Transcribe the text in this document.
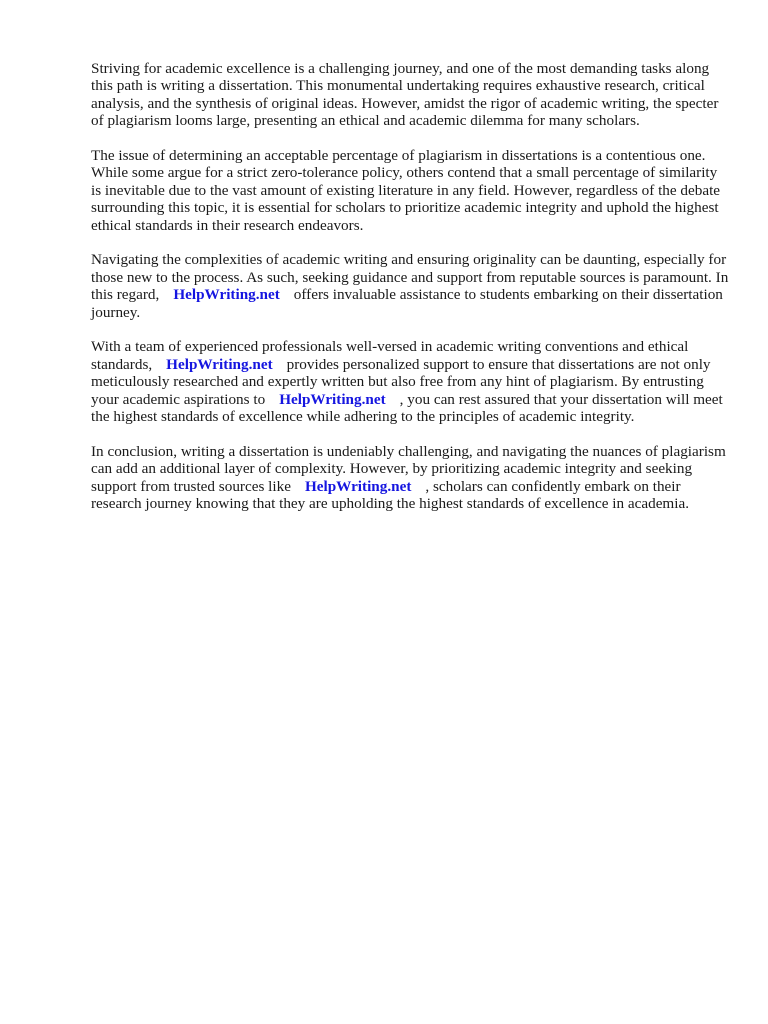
Striving for academic excellence is a challenging journey, and one of the most demanding tasks along this path is writing a dissertation. This monumental undertaking requires exhaustive research, critical analysis, and the synthesis of original ideas. However, amidst the rigor of academic writing, the specter of plagiarism looms large, presenting an ethical and academic dilemma for many scholars.

The issue of determining an acceptable percentage of plagiarism in dissertations is a contentious one. While some argue for a strict zero-tolerance policy, others contend that a small percentage of similarity is inevitable due to the vast amount of existing literature in any field. However, regardless of the debate surrounding this topic, it is essential for scholars to prioritize academic integrity and uphold the highest ethical standards in their research endeavors.

Navigating the complexities of academic writing and ensuring originality can be daunting, especially for those new to the process. As such, seeking guidance and support from reputable sources is paramount. In this regard, HelpWriting.net offers invaluable assistance to students embarking on their dissertation journey.

With a team of experienced professionals well-versed in academic writing conventions and ethical standards, HelpWriting.net provides personalized support to ensure that dissertations are not only meticulously researched and expertly written but also free from any hint of plagiarism. By entrusting your academic aspirations to HelpWriting.net , you can rest assured that your dissertation will meet the highest standards of excellence while adhering to the principles of academic integrity.

In conclusion, writing a dissertation is undeniably challenging, and navigating the nuances of plagiarism can add an additional layer of complexity. However, by prioritizing academic integrity and seeking support from trusted sources like HelpWriting.net , scholars can confidently embark on their research journey knowing that they are upholding the highest standards of excellence in academia.
